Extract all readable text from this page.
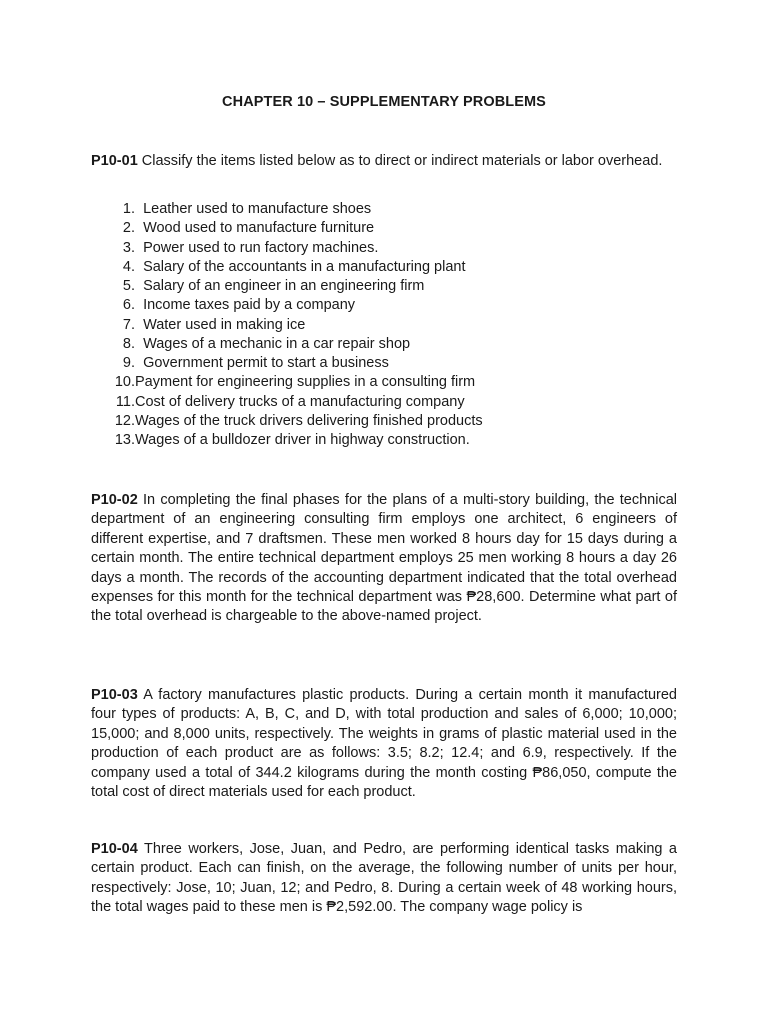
CHAPTER 10 – SUPPLEMENTARY PROBLEMS
P10-01 Classify the items listed below as to direct or indirect materials or labor overhead.
1.
Leather used to manufacture shoes
2.
Wood used to manufacture furniture
3.
Power used to run factory machines.
4.
Salary of the accountants in a manufacturing plant
5.
Salary of an engineer in an engineering firm
6.
Income taxes paid by a company
7.
Water used in making ice
8.
Wages of a mechanic in a car repair shop
9.
Government permit to start a business
10. Payment for engineering supplies in a consulting firm
11. Cost of delivery trucks of a manufacturing company
12. Wages of the truck drivers delivering finished products
13. Wages of a bulldozer driver in highway construction.
P10-02 In completing the final phases for the plans of a multi-story building, the technical department of an engineering consulting firm employs one architect, 6 engineers of different expertise, and 7 draftsmen. These men worked 8 hours day for 15 days during a certain month. The entire technical department employs 25 men working 8 hours a day 26 days a month. The records of the accounting department indicated that the total overhead expenses for this month for the technical department was ₱28,600. Determine what part of the total overhead is chargeable to the above-named project.
P10-03 A factory manufactures plastic products. During a certain month it manufactured four types of products: A, B, C, and D, with total production and sales of 6,000; 10,000; 15,000; and 8,000 units, respectively. The weights in grams of plastic material used in the production of each product are as follows: 3.5; 8.2; 12.4; and 6.9, respectively. If the company used a total of 344.2 kilograms during the month costing ₱86,050, compute the total cost of direct materials used for each product.
P10-04 Three workers, Jose, Juan, and Pedro, are performing identical tasks making a certain product. Each can finish, on the average, the following number of units per hour, respectively: Jose, 10; Juan, 12; and Pedro, 8. During a certain week of 48 working hours, the total wages paid to these men is ₱2,592.00. The company wage policy is
